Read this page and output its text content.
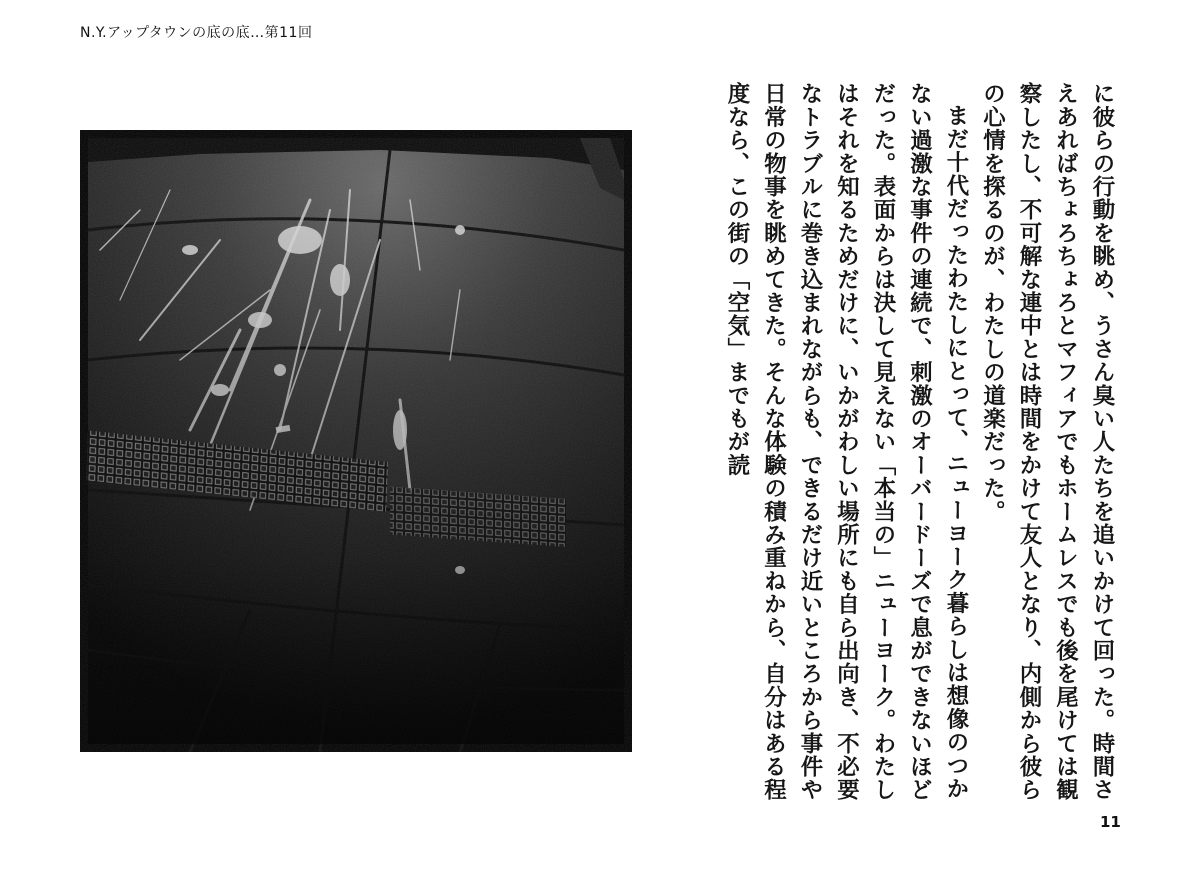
N.Y.アップタウンの底の底…第11回

に彼らの行動を眺め、うさん臭い人たちを追いかけて回った。時間さえあればちょろちょろとマフィアでもホームレスでも後を尾けては観察したし、不可解な連中とは時間をかけて友人となり、内側から彼らの心情を探るのが、わたしの道楽だった。

まだ十代だったわたしにとって、ニューヨーク暮らしは想像のつかない過激な事件の連続で、刺激のオーバードーズで息ができないほどだった。表面からは決して見えない「本当の」ニューヨーク。わたしはそれを知るためだけに、いかがわしい場所にも自ら出向き、不必要なトラブルに巻き込まれながらも、できるだけ近いところから事件や日常の物事を眺めてきた。そんな体験の積み重ねから、自分はある程度なら、この街の「空気」までもが読

11
